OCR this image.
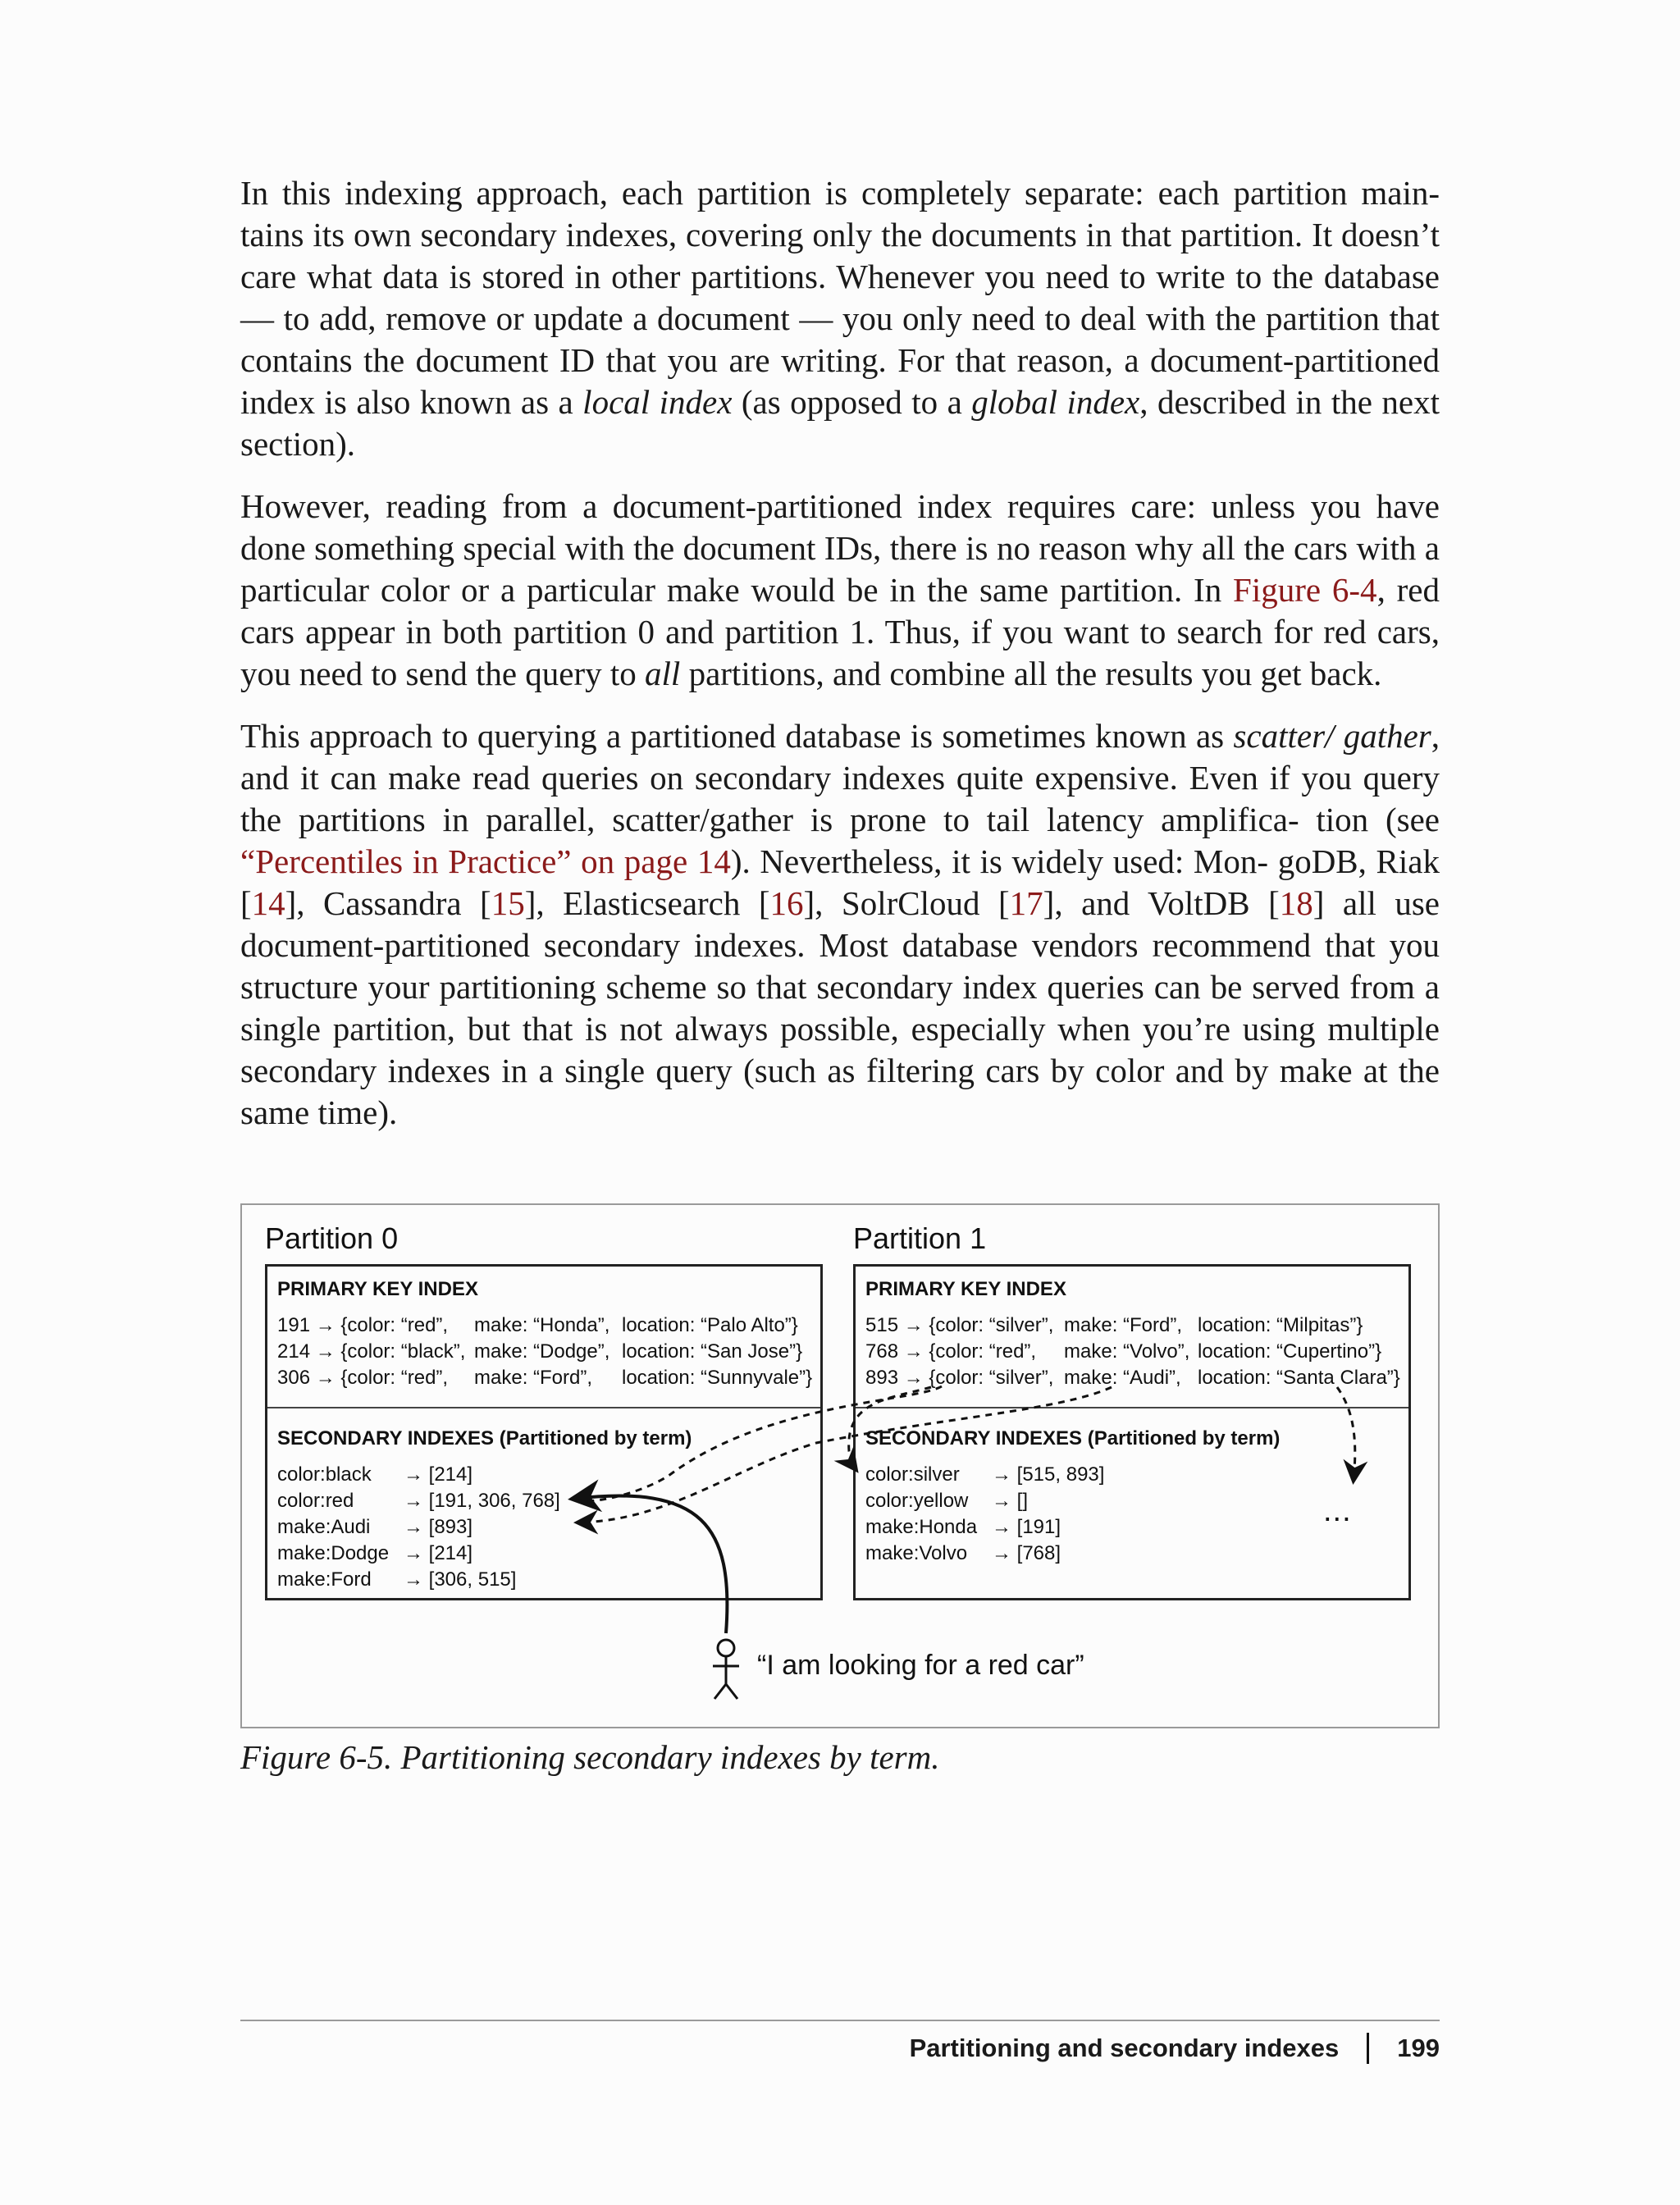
In this indexing approach, each partition is completely separate: each partition main- tains its own secondary indexes, covering only the documents in that partition. It doesn’t care what data is stored in other partitions. Whenever you need to write to the database — to add, remove or update a document — you only need to deal with the partition that contains the document ID that you are writing. For that reason, a document-partitioned index is also known as a local index (as opposed to a global index, described in the next section).

However, reading from a document-partitioned index requires care: unless you have done something special with the document IDs, there is no reason why all the cars with a particular color or a particular make would be in the same partition. In Figure 6-4, red cars appear in both partition 0 and partition 1. Thus, if you want to search for red cars, you need to send the query to all partitions, and combine all the results you get back.

This approach to querying a partitioned database is sometimes known as scatter/ gather, and it can make read queries on secondary indexes quite expensive. Even if you query the partitions in parallel, scatter/gather is prone to tail latency amplifica- tion (see “Percentiles in Practice” on page 14). Nevertheless, it is widely used: Mon- goDB, Riak [14], Cassandra [15], Elasticsearch [16], SolrCloud [17], and VoltDB [18] all use document-partitioned secondary indexes. Most database vendors recommend that you structure your partitioning scheme so that secondary index queries can be served from a single partition, but that is not always possible, especially when you’re using multiple secondary indexes in a single query (such as filtering cars by color and by make at the same time).

Partition 0
PRIMARY KEY INDEX
191 → {color: “red”, make: “Honda”, location: “Palo Alto”}
214 → {color: “black”, make: “Dodge”, location: “San Jose”}
306 → {color: “red”, make: “Ford”, location: “Sunnyvale”}
SECONDARY INDEXES (Partitioned by term)
color:black → [214]
color:red	→ [191, 306, 768]
make:Audi → [893]
make:Dodge → [214]
make:Ford → [306, 515]
Partition 1
PRIMARY KEY INDEX
515 → {color: “silver”, make: “Ford”, location: “Milpitas”}
768 → {color: “red”, make: “Volvo”, location: “Cupertino”}
893 → {color: “silver”, make: “Audi”, location: “Santa Clara”}
SECONDARY INDEXES (Partitioned by term)
color:silver → [515, 893]
color:yellow → []
make:Honda → [191]
make:Volvo → [768]
...
“I am looking for a red car”
Figure 6-5. Partitioning secondary indexes by term.
Partitioning and secondary indexes 199
